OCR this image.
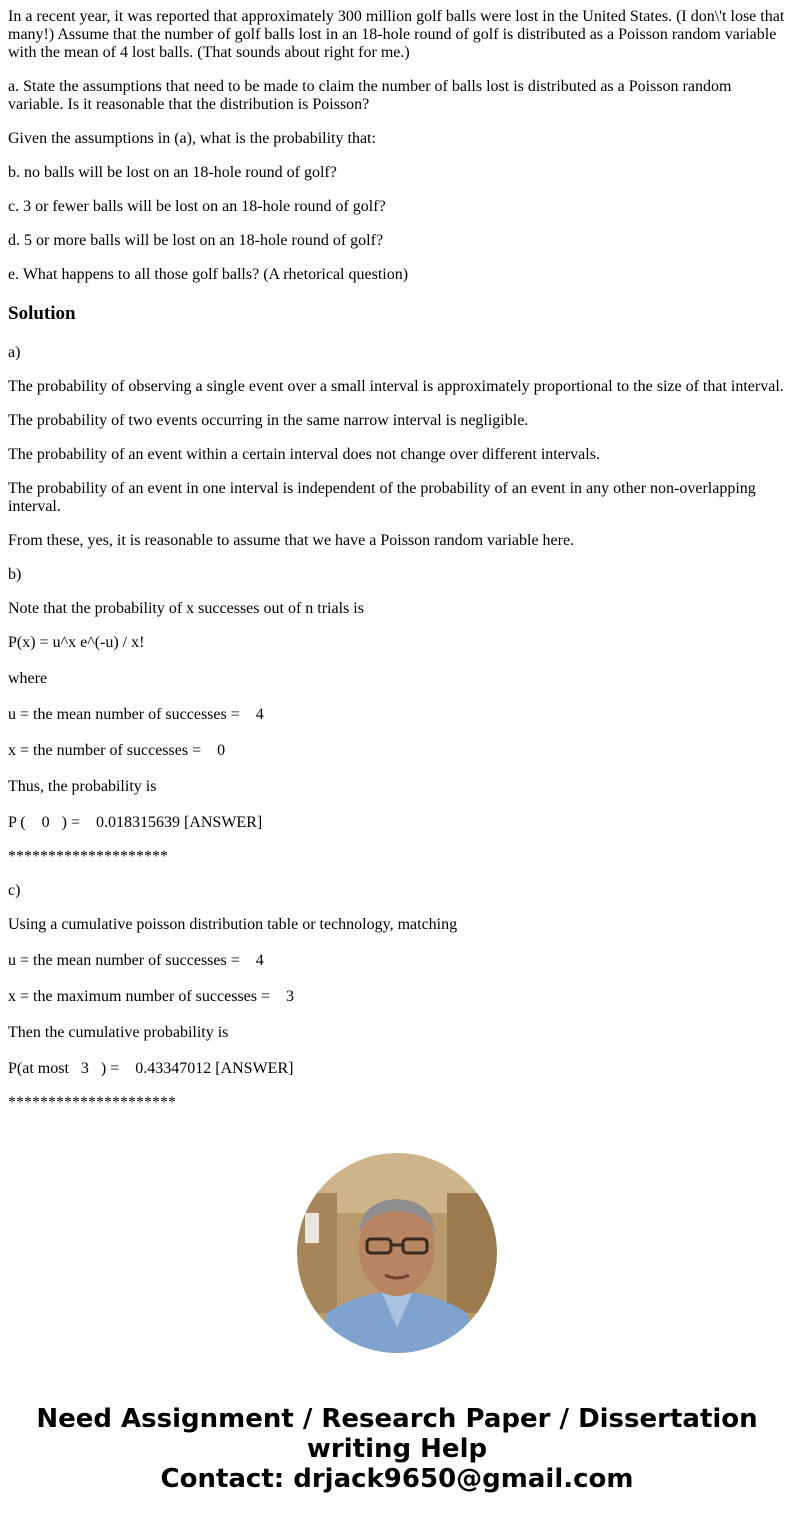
In a recent year, it was reported that approximately 300 million golf balls were lost in the United States. (I don\'t lose that many!) Assume that the number of golf balls lost in an 18-hole round of golf is distributed as a Poisson random variable with the mean of 4 lost balls. (That sounds about right for me.)

a. State the assumptions that need to be made to claim the number of balls lost is distributed as a Poisson random variable. Is it reasonable that the distribution is Poisson?

Given the assumptions in (a), what is the probability that:

b. no balls will be lost on an 18-hole round of golf?

c. 3 or fewer balls will be lost on an 18-hole round of golf?

d. 5 or more balls will be lost on an 18-hole round of golf?

e. What happens to all those golf balls? (A rhetorical question)

Solution

a)

The probability of observing a single event over a small interval is approximately proportional to the size of that interval.

The probability of two events occurring in the same narrow interval is negligible.

The probability of an event within a certain interval does not change over different intervals.

The probability of an event in one interval is independent of the probability of an event in any other non-overlapping interval.

From these, yes, it is reasonable to assume that we have a Poisson random variable here.

b)

Note that the probability of x successes out of n trials is

P(x) = u^x e^(-u) / x!

where

u = the mean number of successes =    4

x = the number of successes =    0

Thus, the probability is

P (    0   ) =    0.018315639 [ANSWER]

********************

c)

Using a cumulative poisson distribution table or technology, matching

u = the mean number of successes =    4

x = the maximum number of successes =    3

Then the cumulative probability is

P(at most   3   ) =    0.43347012 [ANSWER]

*********************

Need Assignment / Research Paper / Dissertation
writing Help
Contact: drjack9650@gmail.com
